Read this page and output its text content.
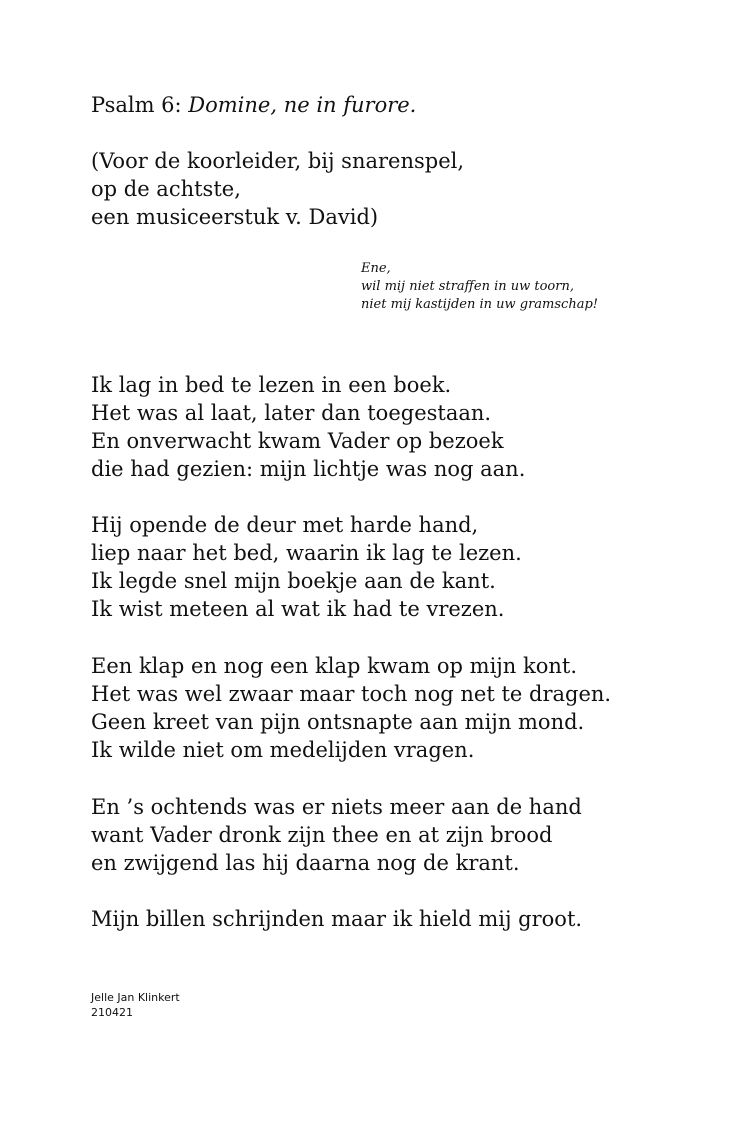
Psalm 6: Domine, ne in furore.
(Voor de koorleider, bij snarenspel,
op de achtste,
een musiceerstuk v. David)
Ene,
wil mij niet straffen in uw toorn,
niet mij kastijden in uw gramschap!
Ik lag in bed te lezen in een boek.
Het was al laat, later dan toegestaan.
En onverwacht kwam Vader op bezoek
die had gezien: mijn lichtje was nog aan.
Hij opende de deur met harde hand,
liep naar het bed, waarin ik lag te lezen.
Ik legde snel mijn boekje aan de kant.
Ik wist meteen al wat ik had te vrezen.
Een klap en nog een klap kwam op mijn kont.
Het was wel zwaar maar toch nog net te dragen.
Geen kreet van pijn ontsnapte aan mijn mond.
Ik wilde niet om medelijden vragen.
En ’s ochtends was er niets meer aan de hand
want Vader dronk zijn thee en at zijn brood
en zwijgend las hij daarna nog de krant.
Mijn billen schrijnden maar ik hield mij groot.
Jelle Jan Klinkert
210421
